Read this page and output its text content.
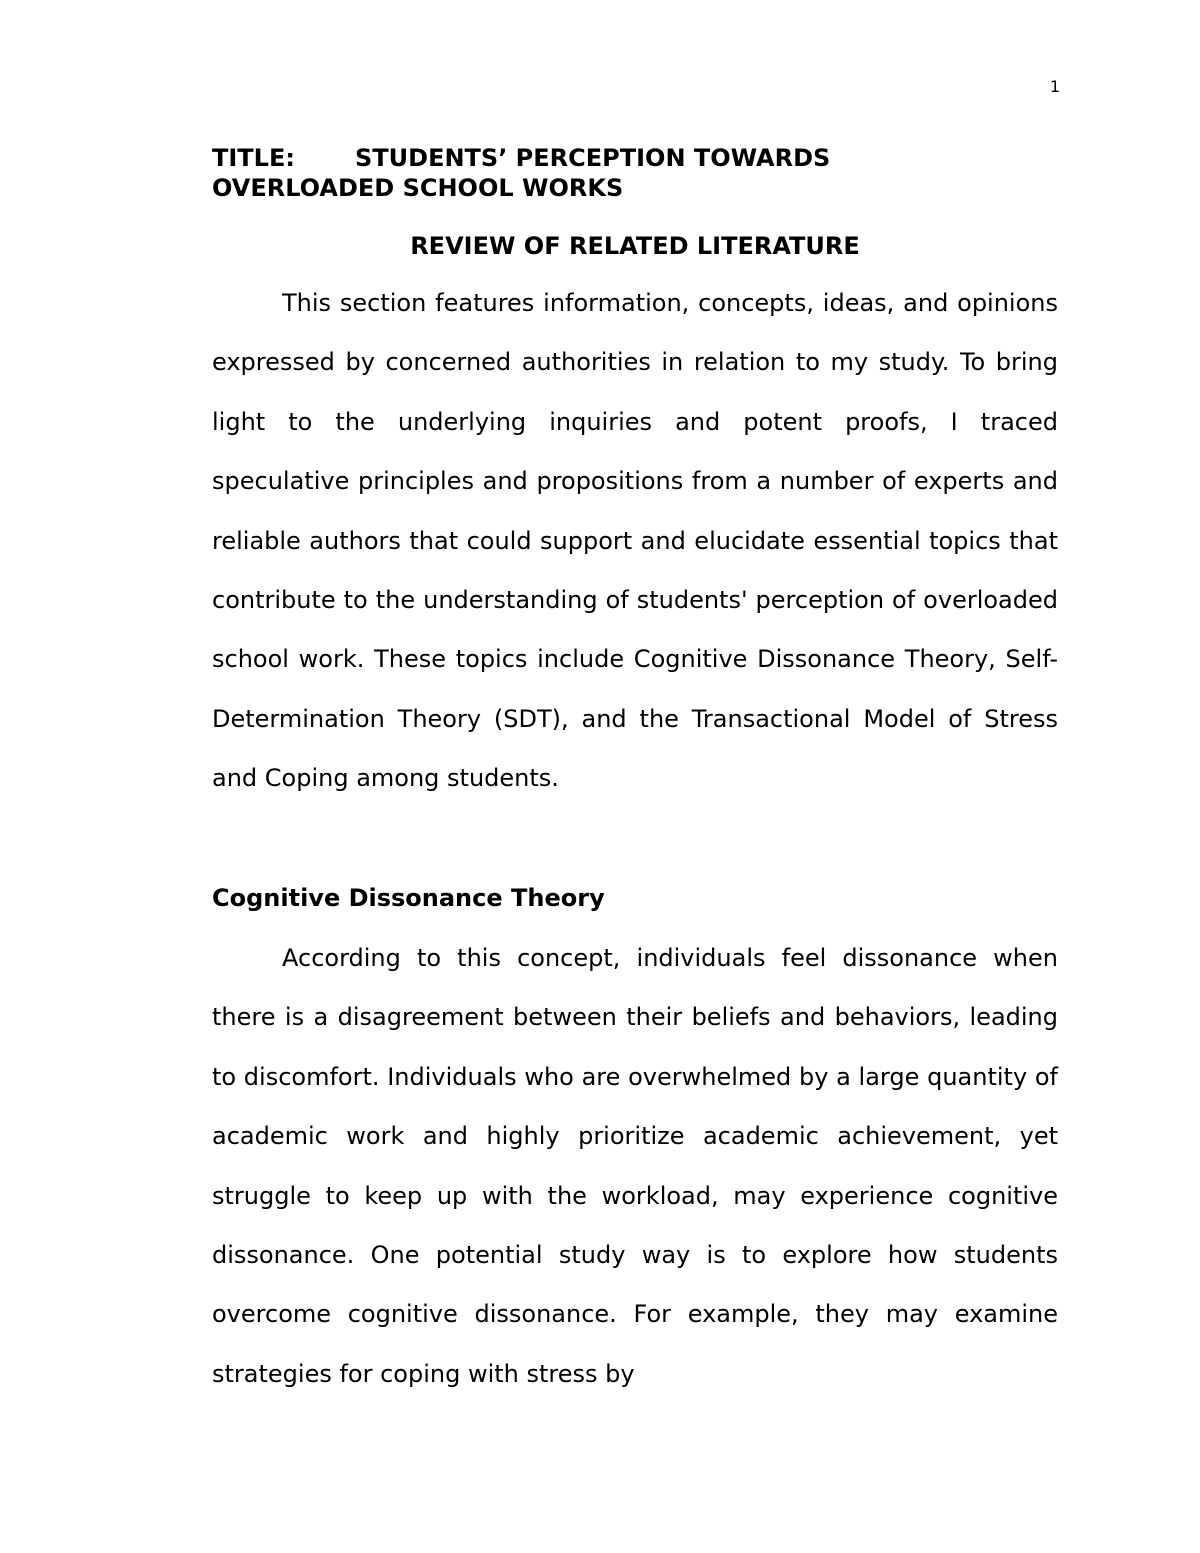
1
TITLE:	STUDENTS’ PERCEPTION TOWARDS
OVERLOADED SCHOOL WORKS
REVIEW OF RELATED LITERATURE

This section features information, concepts, ideas, and opinions expressed by concerned authorities in relation to my study. To bring light to the underlying inquiries and potent proofs, I traced speculative principles and propositions from a number of experts and reliable authors that could support and elucidate essential topics that contribute to the understanding of students' perception of overloaded school work. These topics include Cognitive Dissonance Theory, Self-Determination Theory (SDT), and the Transactional Model of Stress and Coping among students.

Cognitive Dissonance Theory

According to this concept, individuals feel dissonance when there is a disagreement between their beliefs and behaviors, leading to discomfort. Individuals who are overwhelmed by a large quantity of academic work and highly prioritize academic achievement, yet struggle to keep up with the workload, may experience cognitive dissonance. One potential study way is to explore how students overcome cognitive dissonance. For example, they may examine strategies for coping with stress by
